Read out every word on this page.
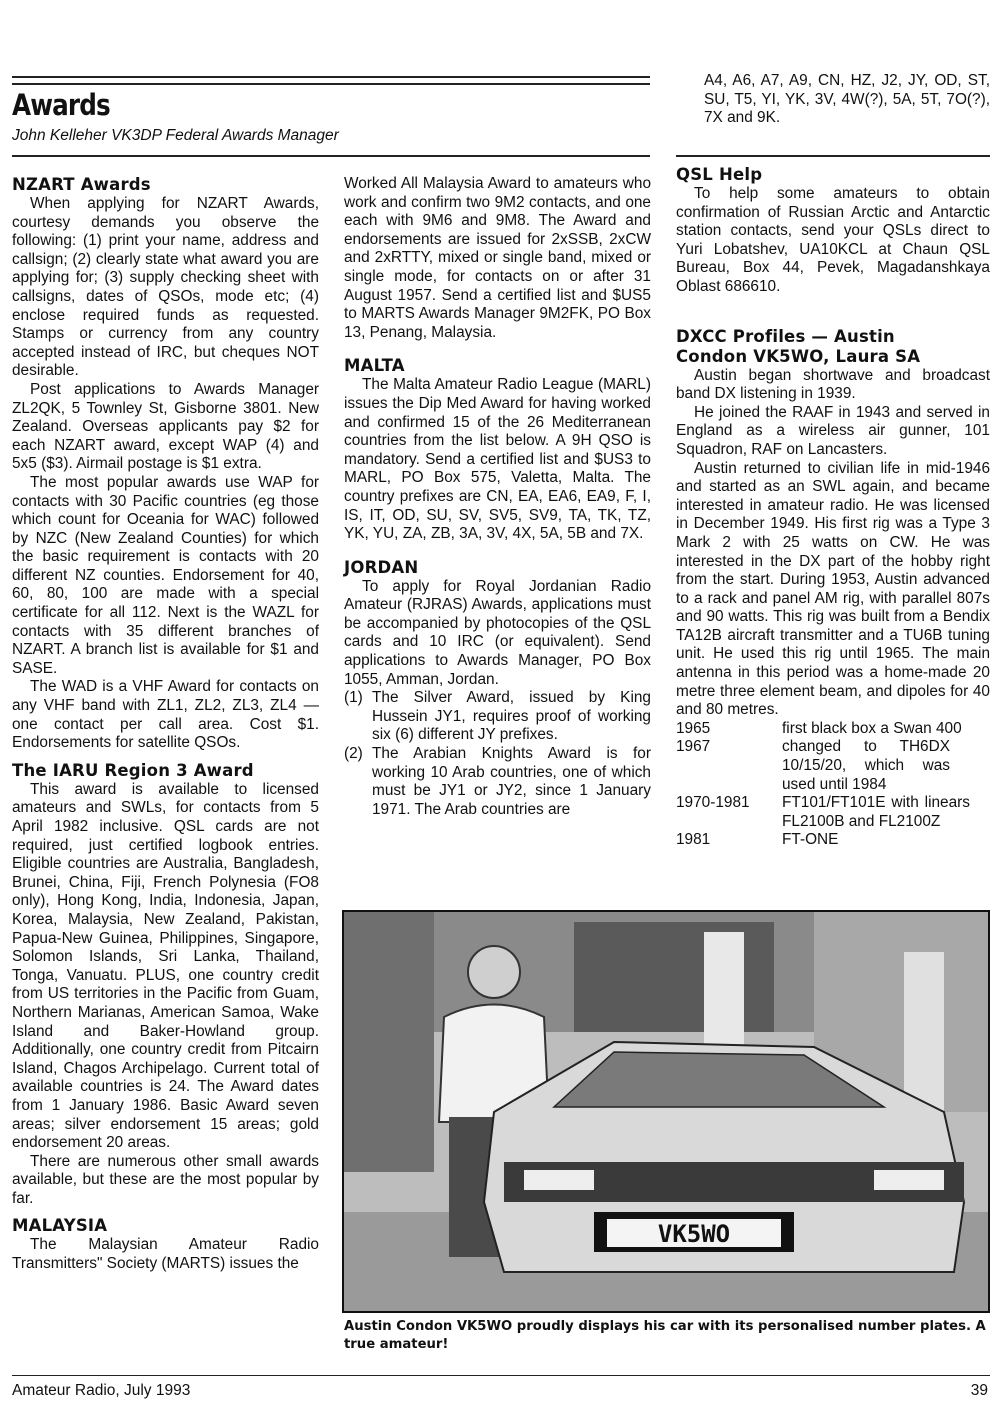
Awards
John Kelleher VK3DP Federal Awards Manager
NZART Awards

When applying for NZART Awards, courtesy demands you observe the following: (1) print your name, address and callsign; (2) clearly state what award you are applying for; (3) supply checking sheet with callsigns, dates of QSOs, mode etc; (4) enclose required funds as requested. Stamps or currency from any country accepted instead of IRC, but cheques NOT desirable.

Post applications to Awards Manager ZL2QK, 5 Townley St, Gisborne 3801. New Zealand. Overseas applicants pay $2 for each NZART award, except WAP (4) and 5x5 ($3). Airmail postage is $1 extra.

The most popular awards use WAP for contacts with 30 Pacific countries (eg those which count for Oceania for WAC) followed by NZC (New Zealand Counties) for which the basic requirement is contacts with 20 different NZ counties. Endorsement for 40, 60, 80, 100 are made with a special certificate for all 112. Next is the WAZL for contacts with 35 different branches of NZART. A branch list is available for $1 and SASE.

The WAD is a VHF Award for contacts on any VHF band with ZL1, ZL2, ZL3, ZL4 — one contact per call area. Cost $1. Endorsements for satellite QSOs.

The IARU Region 3 Award

This award is available to licensed amateurs and SWLs, for contacts from 5 April 1982 inclusive. QSL cards are not required, just certified logbook entries. Eligible countries are Australia, Bangladesh, Brunei, China, Fiji, French Polynesia (FO8 only), Hong Kong, India, Indonesia, Japan, Korea, Malaysia, New Zealand, Pakistan, Papua-New Guinea, Philippines, Singapore, Solomon Islands, Sri Lanka, Thailand, Tonga, Vanuatu. PLUS, one country credit from US territories in the Pacific from Guam, Northern Marianas, American Samoa, Wake Island and Baker-Howland group. Additionally, one country credit from Pitcairn Island, Chagos Archipelago. Current total of available countries is 24. The Award dates from 1 January 1986. Basic Award seven areas; silver endorsement 15 areas; gold endorsement 20 areas.

There are numerous other small awards available, but these are the most popular by far.

MALAYSIA

The Malaysian Amateur Radio Transmitters" Society (MARTS) issues the

Worked All Malaysia Award to amateurs who work and confirm two 9M2 contacts, and one each with 9M6 and 9M8. The Award and endorsements are issued for 2xSSB, 2xCW and 2xRTTY, mixed or single band, mixed or single mode, for contacts on or after 31 August 1957. Send a certified list and $US5 to MARTS Awards Manager 9M2FK, PO Box 13, Penang, Malaysia.

MALTA

The Malta Amateur Radio League (MARL) issues the Dip Med Award for having worked and confirmed 15 of the 26 Mediterranean countries from the list below. A 9H QSO is mandatory. Send a certified list and $US3 to MARL, PO Box 575, Valetta, Malta. The country prefixes are CN, EA, EA6, EA9, F, I, IS, IT, OD, SU, SV, SV5, SV9, TA, TK, TZ, YK, YU, ZA, ZB, 3A, 3V, 4X, 5A, 5B and 7X.

JORDAN

To apply for Royal Jordanian Radio Amateur (RJRAS) Awards, applications must be accompanied by photocopies of the QSL cards and 10 IRC (or equivalent). Send applications to Awards Manager, PO Box 1055, Amman, Jordan.

(1) The Silver Award, issued by King Hussein JY1, requires proof of working six (6) different JY prefixes.
(2) The Arabian Knights Award is for working 10 Arab countries, one of which must be JY1 or JY2, since 1 January 1971. The Arab countries are

A4, A6, A7, A9, CN, HZ, J2, JY, OD, ST, SU, T5, YI, YK, 3V, 4W(?), 5A, 5T, 7O(?), 7X and 9K.

QSL Help

To help some amateurs to obtain confirmation of Russian Arctic and Antarctic station contacts, send your QSLs direct to Yuri Lobatshev, UA10KCL at Chaun QSL Bureau, Box 44, Pevek, Magadanshkaya Oblast 686610.

DXCC Profiles — Austin
Condon VK5WO, Laura SA

Austin began shortwave and broadcast band DX listening in 1939.

He joined the RAAF in 1943 and served in England as a wireless air gunner, 101 Squadron, RAF on Lancasters.

Austin returned to civilian life in mid-1946 and started as an SWL again, and became interested in amateur radio. He was licensed in December 1949. His first rig was a Type 3 Mark 2 with 25 watts on CW. He was interested in the DX part of the hobby right from the start. During 1953, Austin advanced to a rack and panel AM rig, with parallel 807s and 90 watts. This rig was built from a Bendix TA12B aircraft transmitter and a TU6B tuning unit. He used this rig until 1965. The main antenna in this period was a home-made 20 metre three element beam, and dipoles for 40 and 80 metres.

1965	first black box a Swan 400
1967	changed to TH6DX 10/15/20, which was used until 1984
1970-1981	FT101/FT101E with linears FL2100B and FL2100Z
1981	FT-ONE
VK5WO
Austin Condon VK5WO proudly displays his car with its personalised number plates. A true amateur!
Amateur Radio, July 1993	39
